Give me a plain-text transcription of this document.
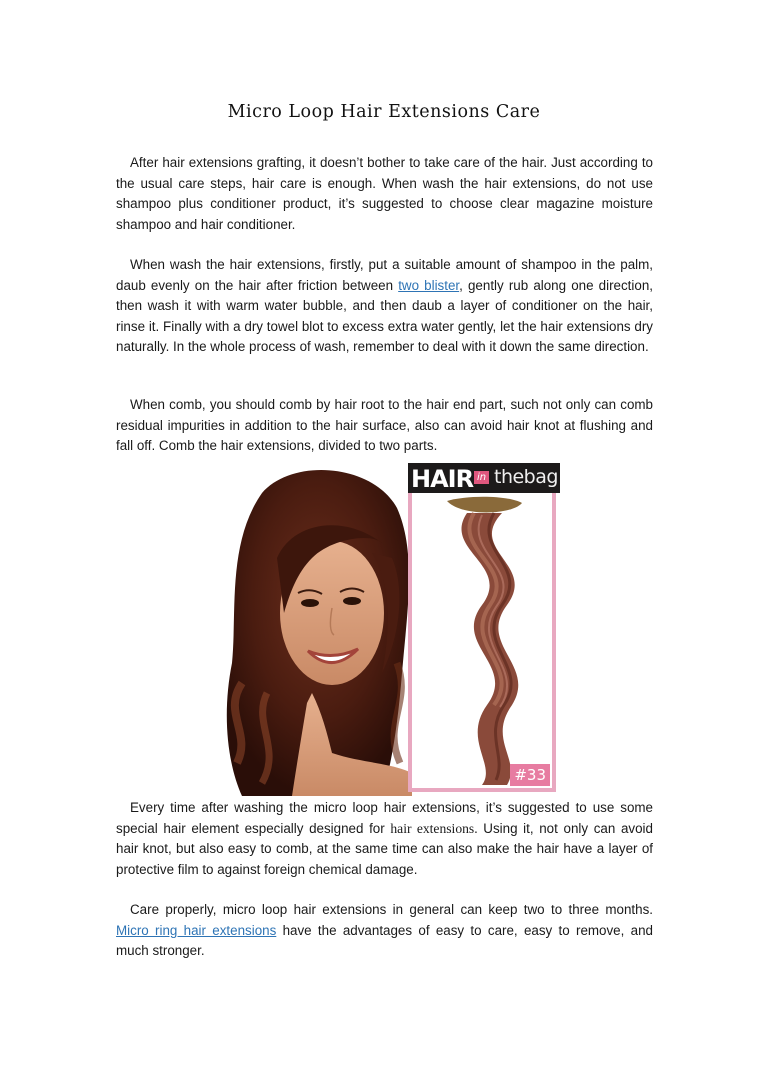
Micro Loop Hair Extensions Care

After hair extensions grafting, it doesn’t bother to take care of the hair. Just according to the usual care steps, hair care is enough. When wash the hair extensions, do not use shampoo plus conditioner product, it’s suggested to choose clear magazine moisture shampoo and hair conditioner.

When wash the hair extensions, firstly, put a suitable amount of shampoo in the palm, daub evenly on the hair after friction between two blister, gently rub along one direction, then wash it with warm water bubble, and then daub a layer of conditioner on the hair, rinse it. Finally with a dry towel blot to excess extra water gently, let the hair extensions dry naturally. In the whole process of wash, remember to deal with it down the same direction.

When comb, you should comb by hair root to the hair end part, such not only can comb residual impurities in addition to the hair surface, also can avoid hair knot at flushing and fall off. Comb the hair extensions, divided to two parts.

HAIR in thebag
#33

Every time after washing the micro loop hair extensions, it’s suggested to use some special hair element especially designed for hair extensions. Using it, not only can avoid hair knot, but also easy to comb, at the same time can also make the hair have a layer of protective film to against foreign chemical damage.

Care properly, micro loop hair extensions in general can keep two to three months. Micro ring hair extensions have the advantages of easy to care, easy to remove, and much stronger.
